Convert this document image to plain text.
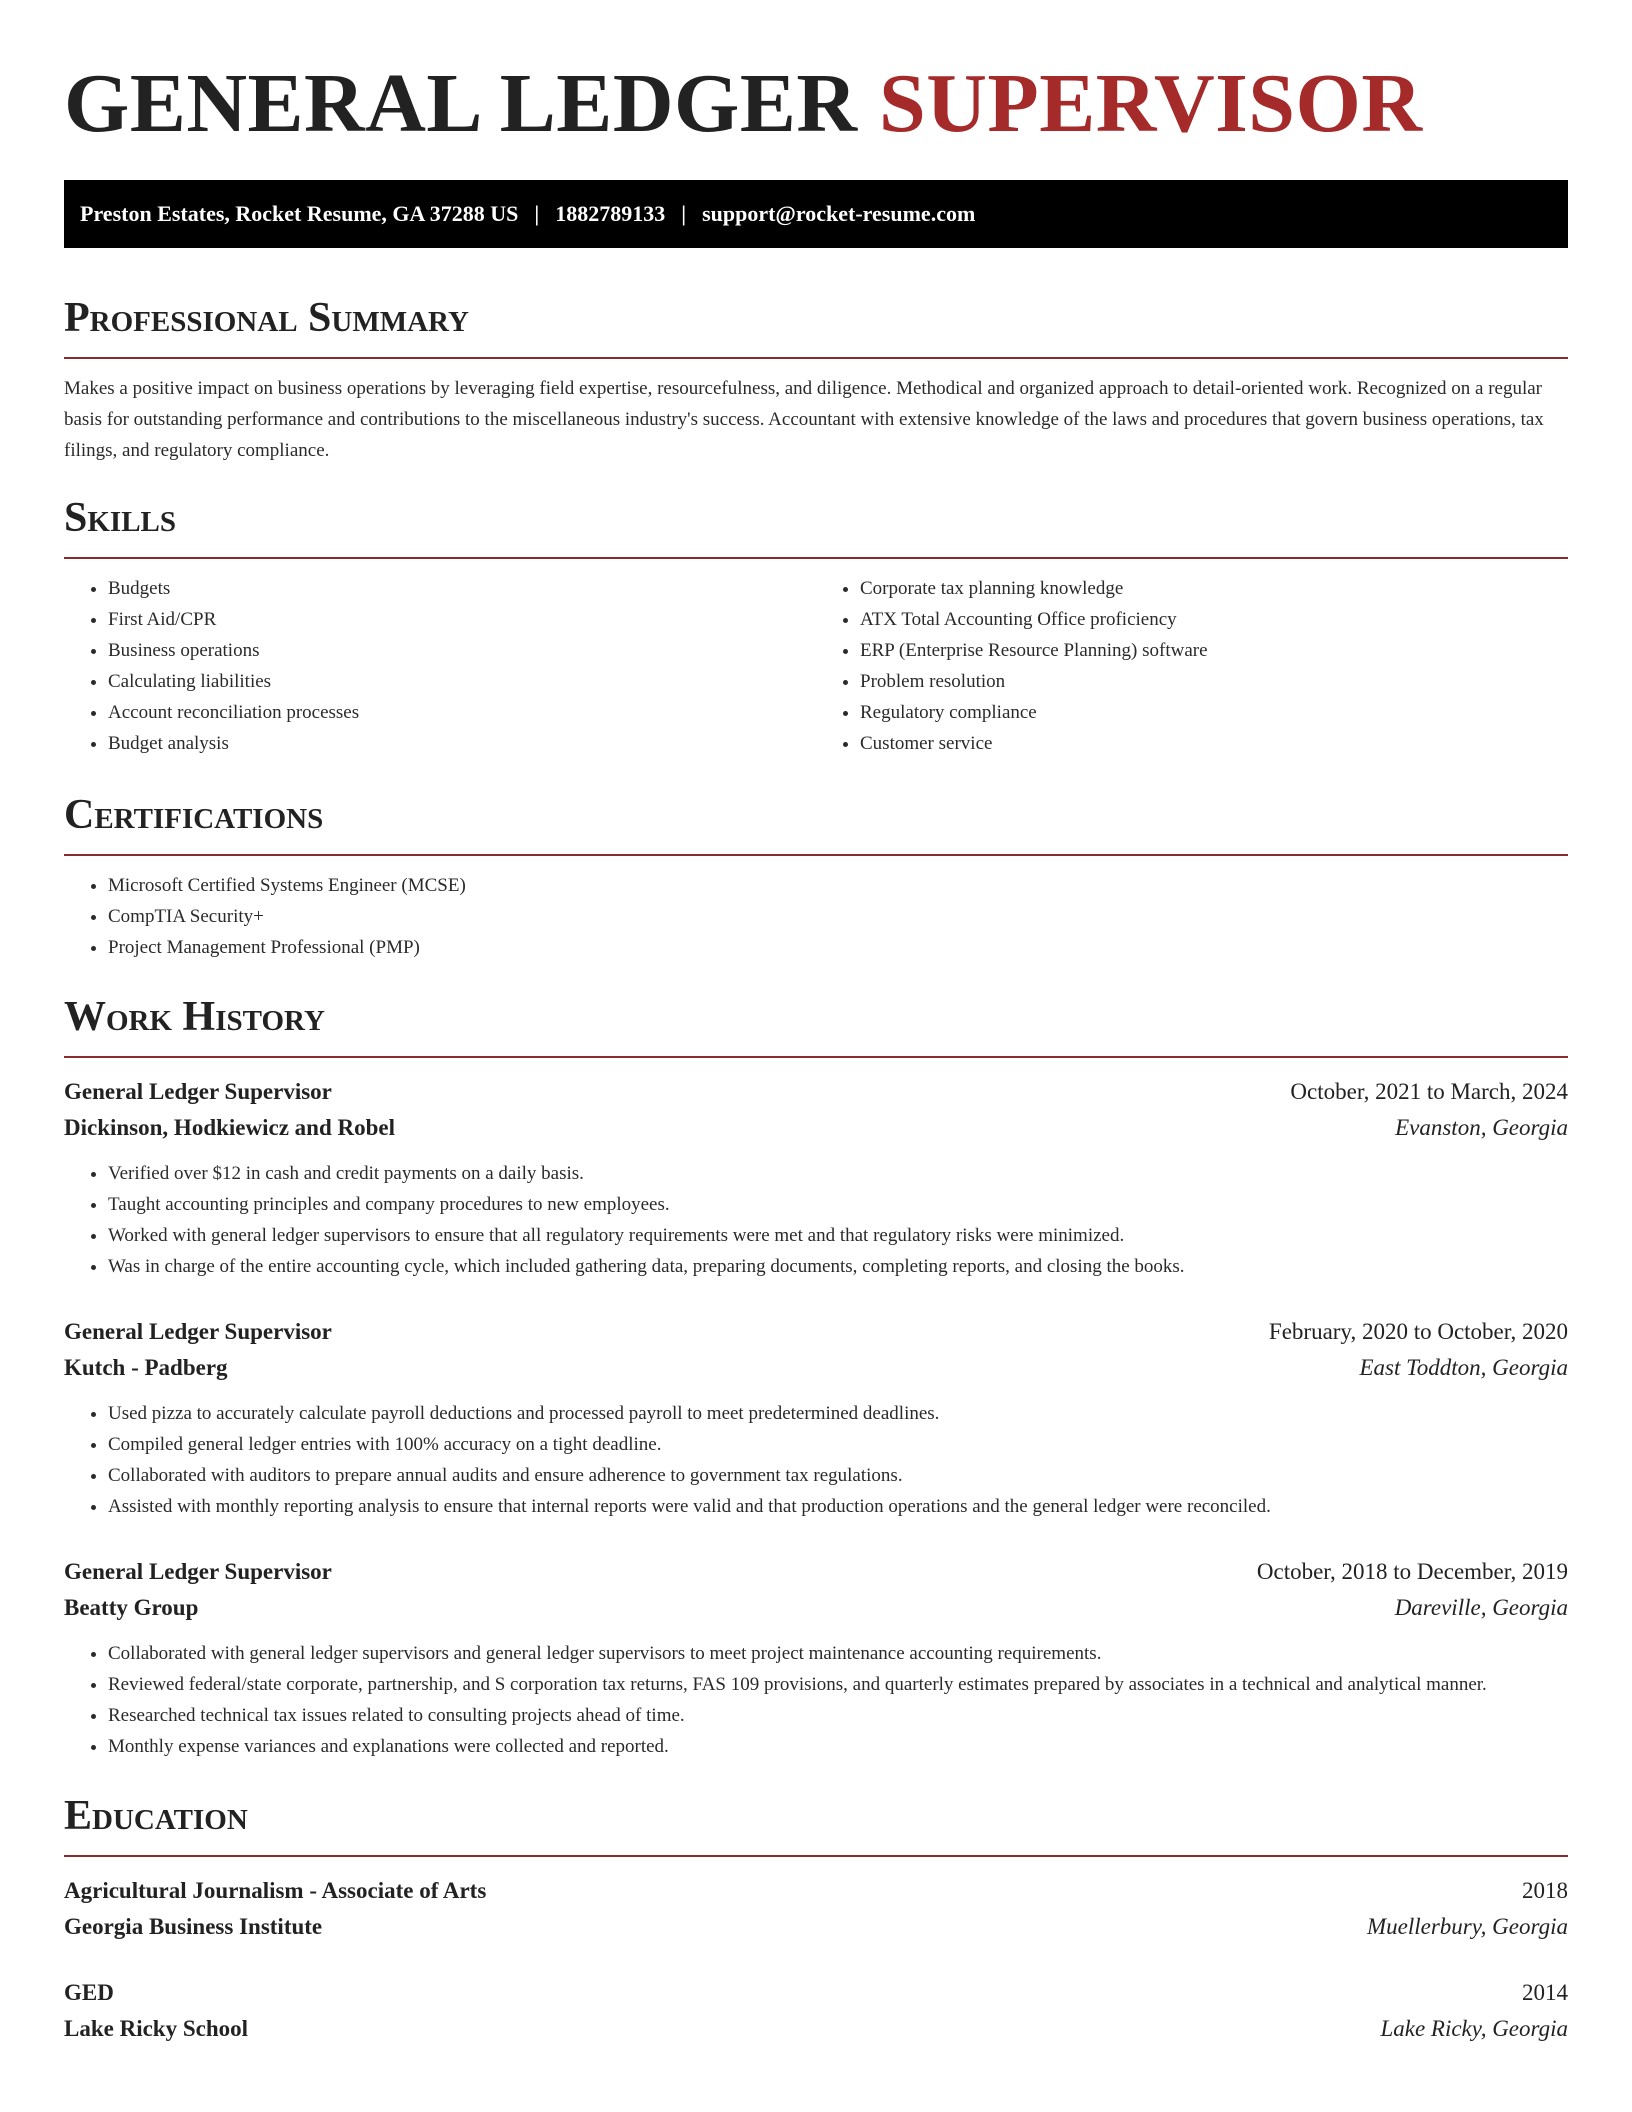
GENERAL LEDGER SUPERVISOR
Preston Estates, Rocket Resume, GA 37288 US | 1882789133 | support@rocket-resume.com
Professional Summary

Makes a positive impact on business operations by leveraging field expertise, resourcefulness, and diligence. Methodical and organized approach to detail-oriented work. Recognized on a regular basis for outstanding performance and contributions to the miscellaneous industry's success. Accountant with extensive knowledge of the laws and procedures that govern business operations, tax filings, and regulatory compliance.

Skills
• Budgets
• First Aid/CPR
• Business operations
• Calculating liabilities
• Account reconciliation processes
• Budget analysis
• Corporate tax planning knowledge
• ATX Total Accounting Office proficiency
• ERP (Enterprise Resource Planning) software
• Problem resolution
• Regulatory compliance
• Customer service
Certifications
• Microsoft Certified Systems Engineer (MCSE)
• CompTIA Security+
• Project Management Professional (PMP)
Work History
General Ledger Supervisor	October, 2021 to March, 2024
Dickinson, Hodkiewicz and Robel	Evanston, Georgia
• Verified over $12 in cash and credit payments on a daily basis.
• Taught accounting principles and company procedures to new employees.
• Worked with general ledger supervisors to ensure that all regulatory requirements were met and that regulatory risks were minimized.
• Was in charge of the entire accounting cycle, which included gathering data, preparing documents, completing reports, and closing the books.
General Ledger Supervisor	February, 2020 to October, 2020
Kutch - Padberg	East Toddton, Georgia
• Used pizza to accurately calculate payroll deductions and processed payroll to meet predetermined deadlines.
• Compiled general ledger entries with 100% accuracy on a tight deadline.
• Collaborated with auditors to prepare annual audits and ensure adherence to government tax regulations.
• Assisted with monthly reporting analysis to ensure that internal reports were valid and that production operations and the general ledger were reconciled.
General Ledger Supervisor	October, 2018 to December, 2019
Beatty Group	Dareville, Georgia
• Collaborated with general ledger supervisors and general ledger supervisors to meet project maintenance accounting requirements.
• Reviewed federal/state corporate, partnership, and S corporation tax returns, FAS 109 provisions, and quarterly estimates prepared by associates in a technical and analytical manner.
• Researched technical tax issues related to consulting projects ahead of time.
• Monthly expense variances and explanations were collected and reported.
Education
Agricultural Journalism - Associate of Arts	2018
Georgia Business Institute	Muellerbury, Georgia
GED	2014
Lake Ricky School	Lake Ricky, Georgia
